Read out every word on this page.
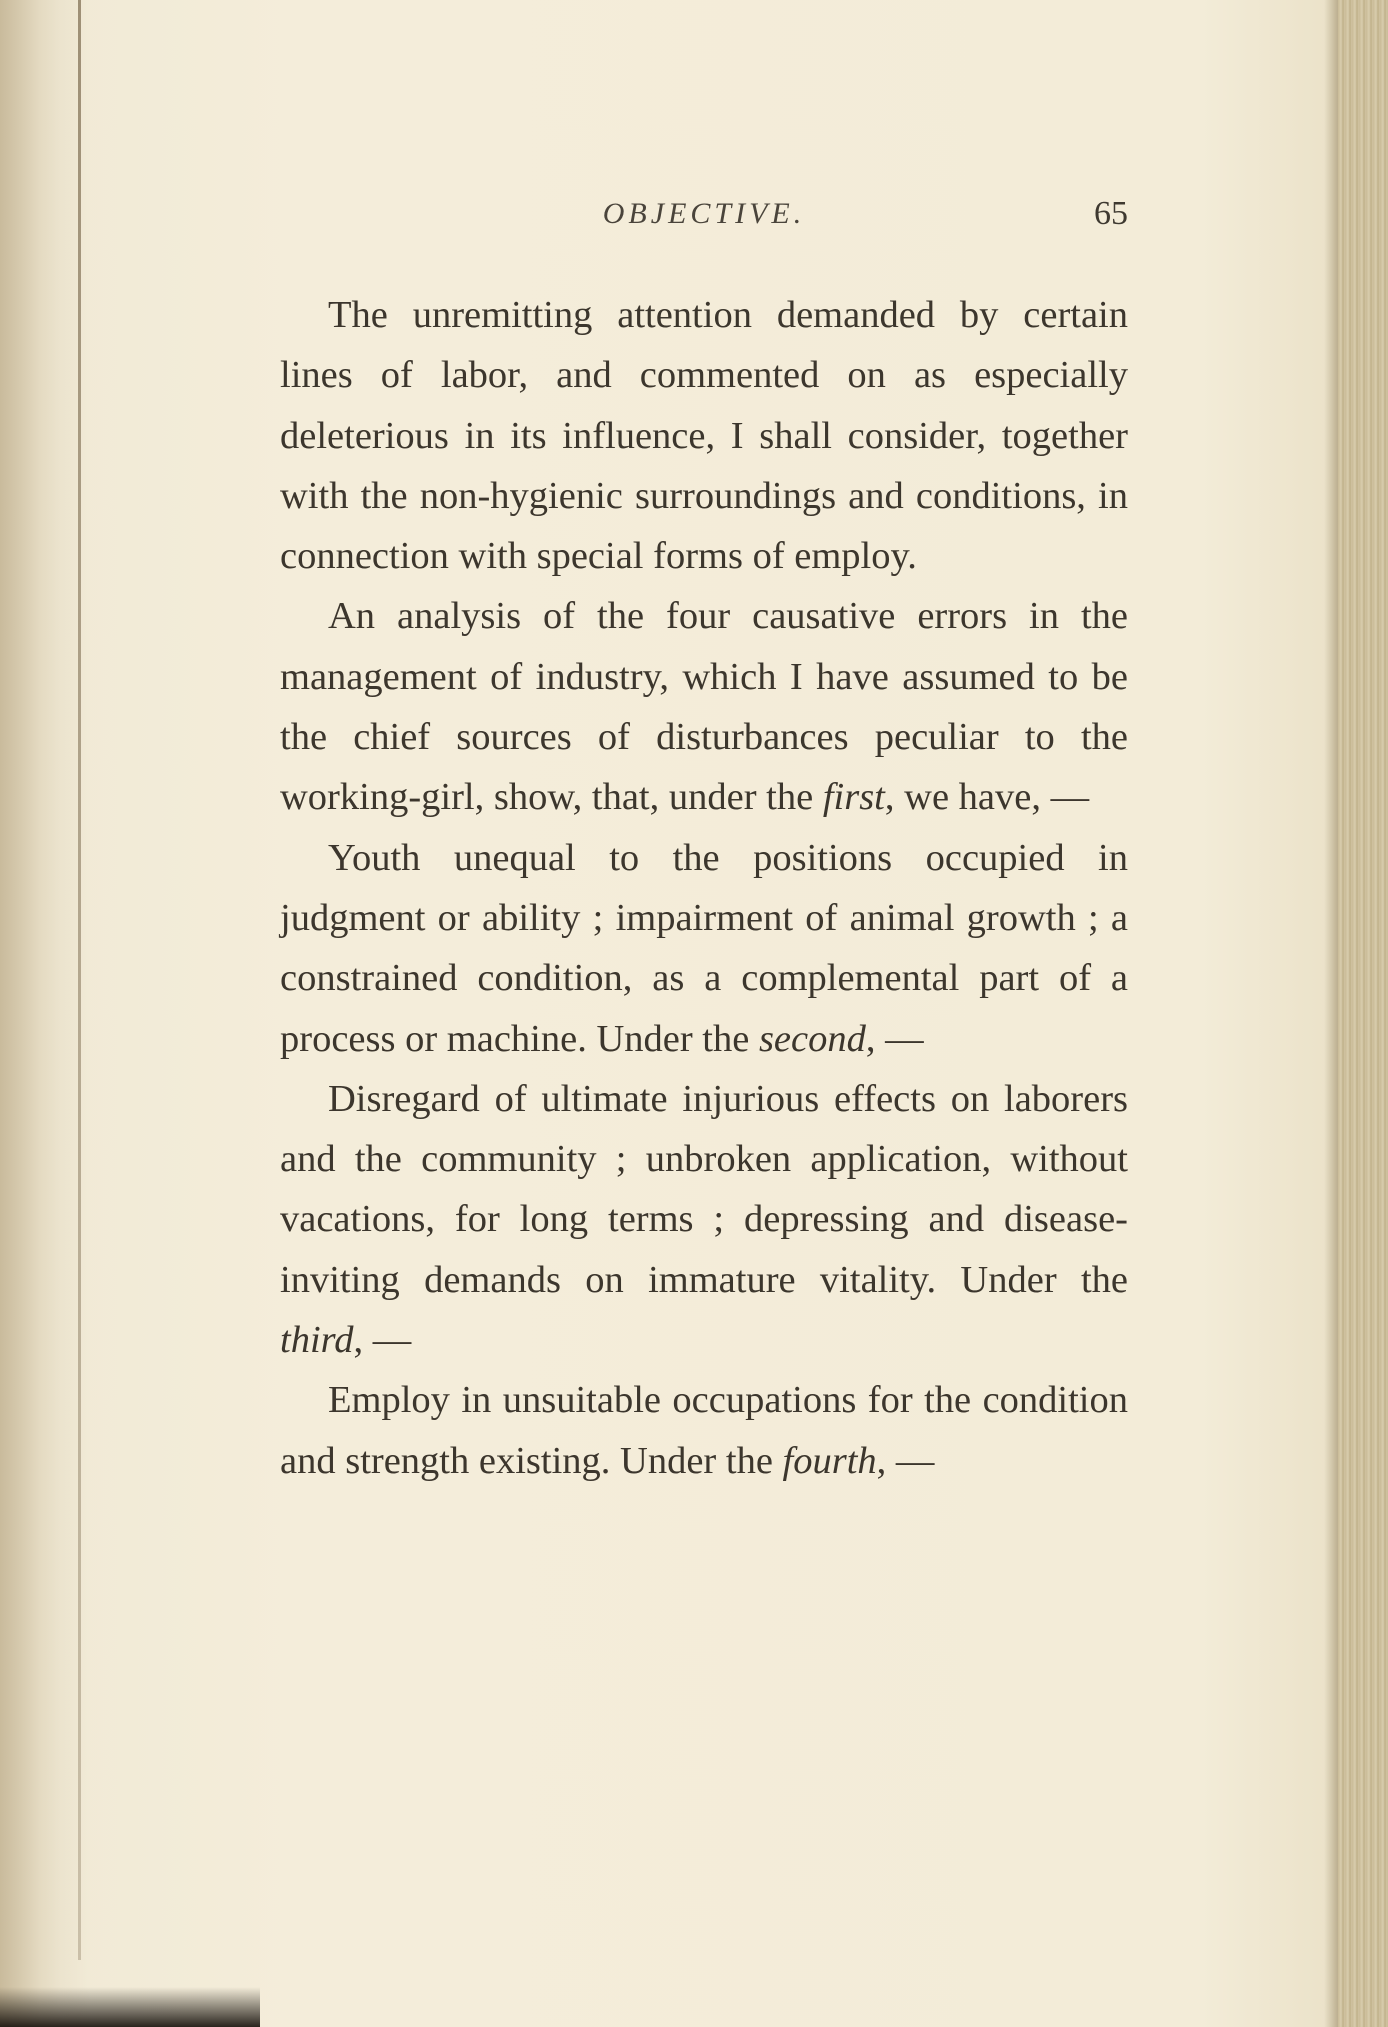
OBJECTIVE.	65

The unremitting attention demanded by certain lines of labor, and commented on as especially deleterious in its influence, I shall consider, together with the non-hygienic surroundings and conditions, in connection with special forms of employ.

An analysis of the four causative errors in the management of industry, which I have assumed to be the chief sources of disturbances peculiar to the working-girl, show, that, under the first, we have, —

Youth unequal to the positions occupied in judgment or ability ; impairment of animal growth ; a constrained condition, as a complemental part of a process or machine. Under the second, —

Disregard of ultimate injurious effects on laborers and the community ; unbroken application, without vacations, for long terms ; depressing and disease-inviting demands on immature vitality. Under the third, —

Employ in unsuitable occupations for the condition and strength existing. Under the fourth, —
